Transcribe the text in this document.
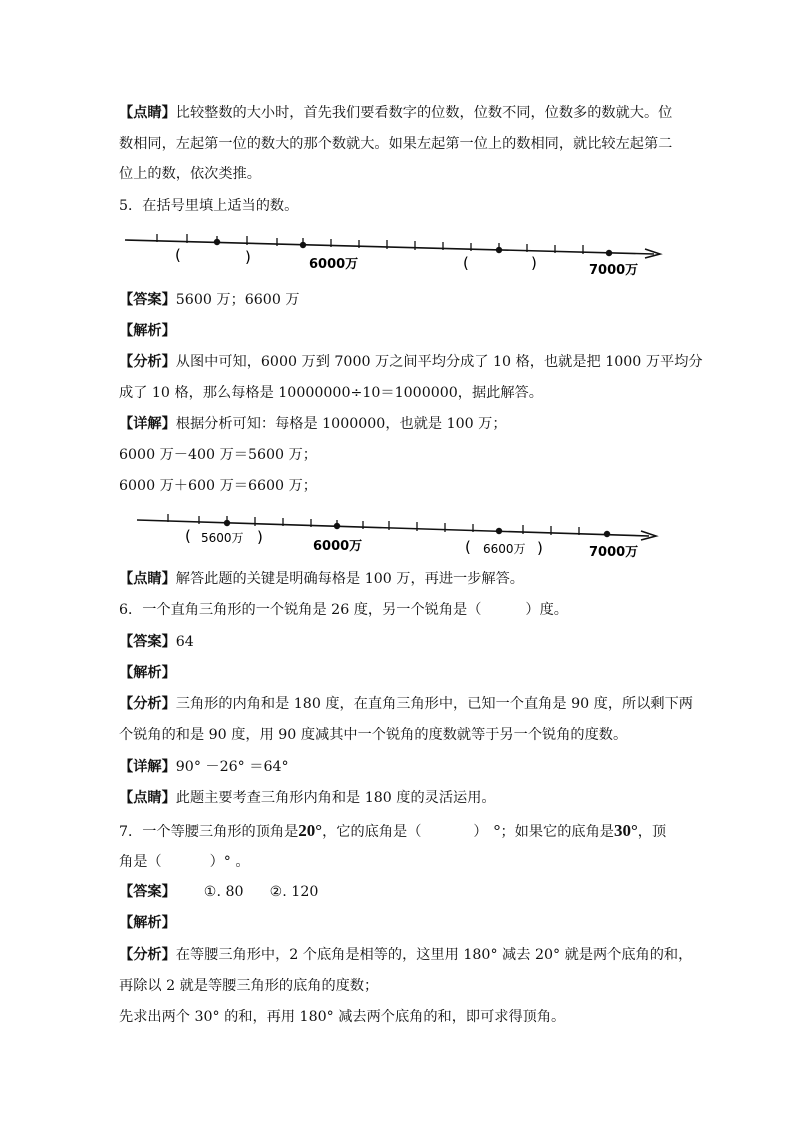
【点睛】比较整数的大小时，首先我们要看数字的位数，位数不同，位数多的数就大。位
数相同，左起第一位的数大的那个数就大。如果左起第一位上的数相同，就比较左起第二
位上的数，依次类推。
5．在括号里填上适当的数。
(	)	6000万	(	)	7000万
【答案】5600 万；6600 万
【解析】
【分析】从图中可知，6000 万到 7000 万之间平均分成了 10 格，也就是把 1000 万平均分
成了 10 格，那么每格是 10000000÷10＝1000000，据此解答。
【详解】根据分析可知：每格是 1000000，也就是 100 万；
6000 万－400 万＝5600 万；
6000 万＋600 万＝6600 万；
( 5600万 )
6000万	( 6600万 )	7000万
【点睛】解答此题的关键是明确每格是 100 万，再进一步解答。
6．一个直角三角形的一个锐角是 26 度，另一个锐角是（	）度。
【答案】64
【解析】
【分析】三角形的内角和是 180 度，在直角三角形中，已知一个直角是 90 度，所以剩下两
个锐角的和是 90 度，用 90 度减其中一个锐角的度数就等于另一个锐角的度数。
【详解】90° －26° ＝64°
【点睛】此题主要考查三角形内角和是 180 度的灵活运用。
7．一个等腰三角形的顶角是20°，它的底角是（	） °；如果它的底角是30°，顶
角是（	）° 。
【答案】 ①. 80 ②. 120
【解析】
【分析】在等腰三角形中，2 个底角是相等的，这里用 180° 减去 20° 就是两个底角的和，
再除以 2 就是等腰三角形的底角的度数；
先求出两个 30° 的和，再用 180° 减去两个底角的和，即可求得顶角。
